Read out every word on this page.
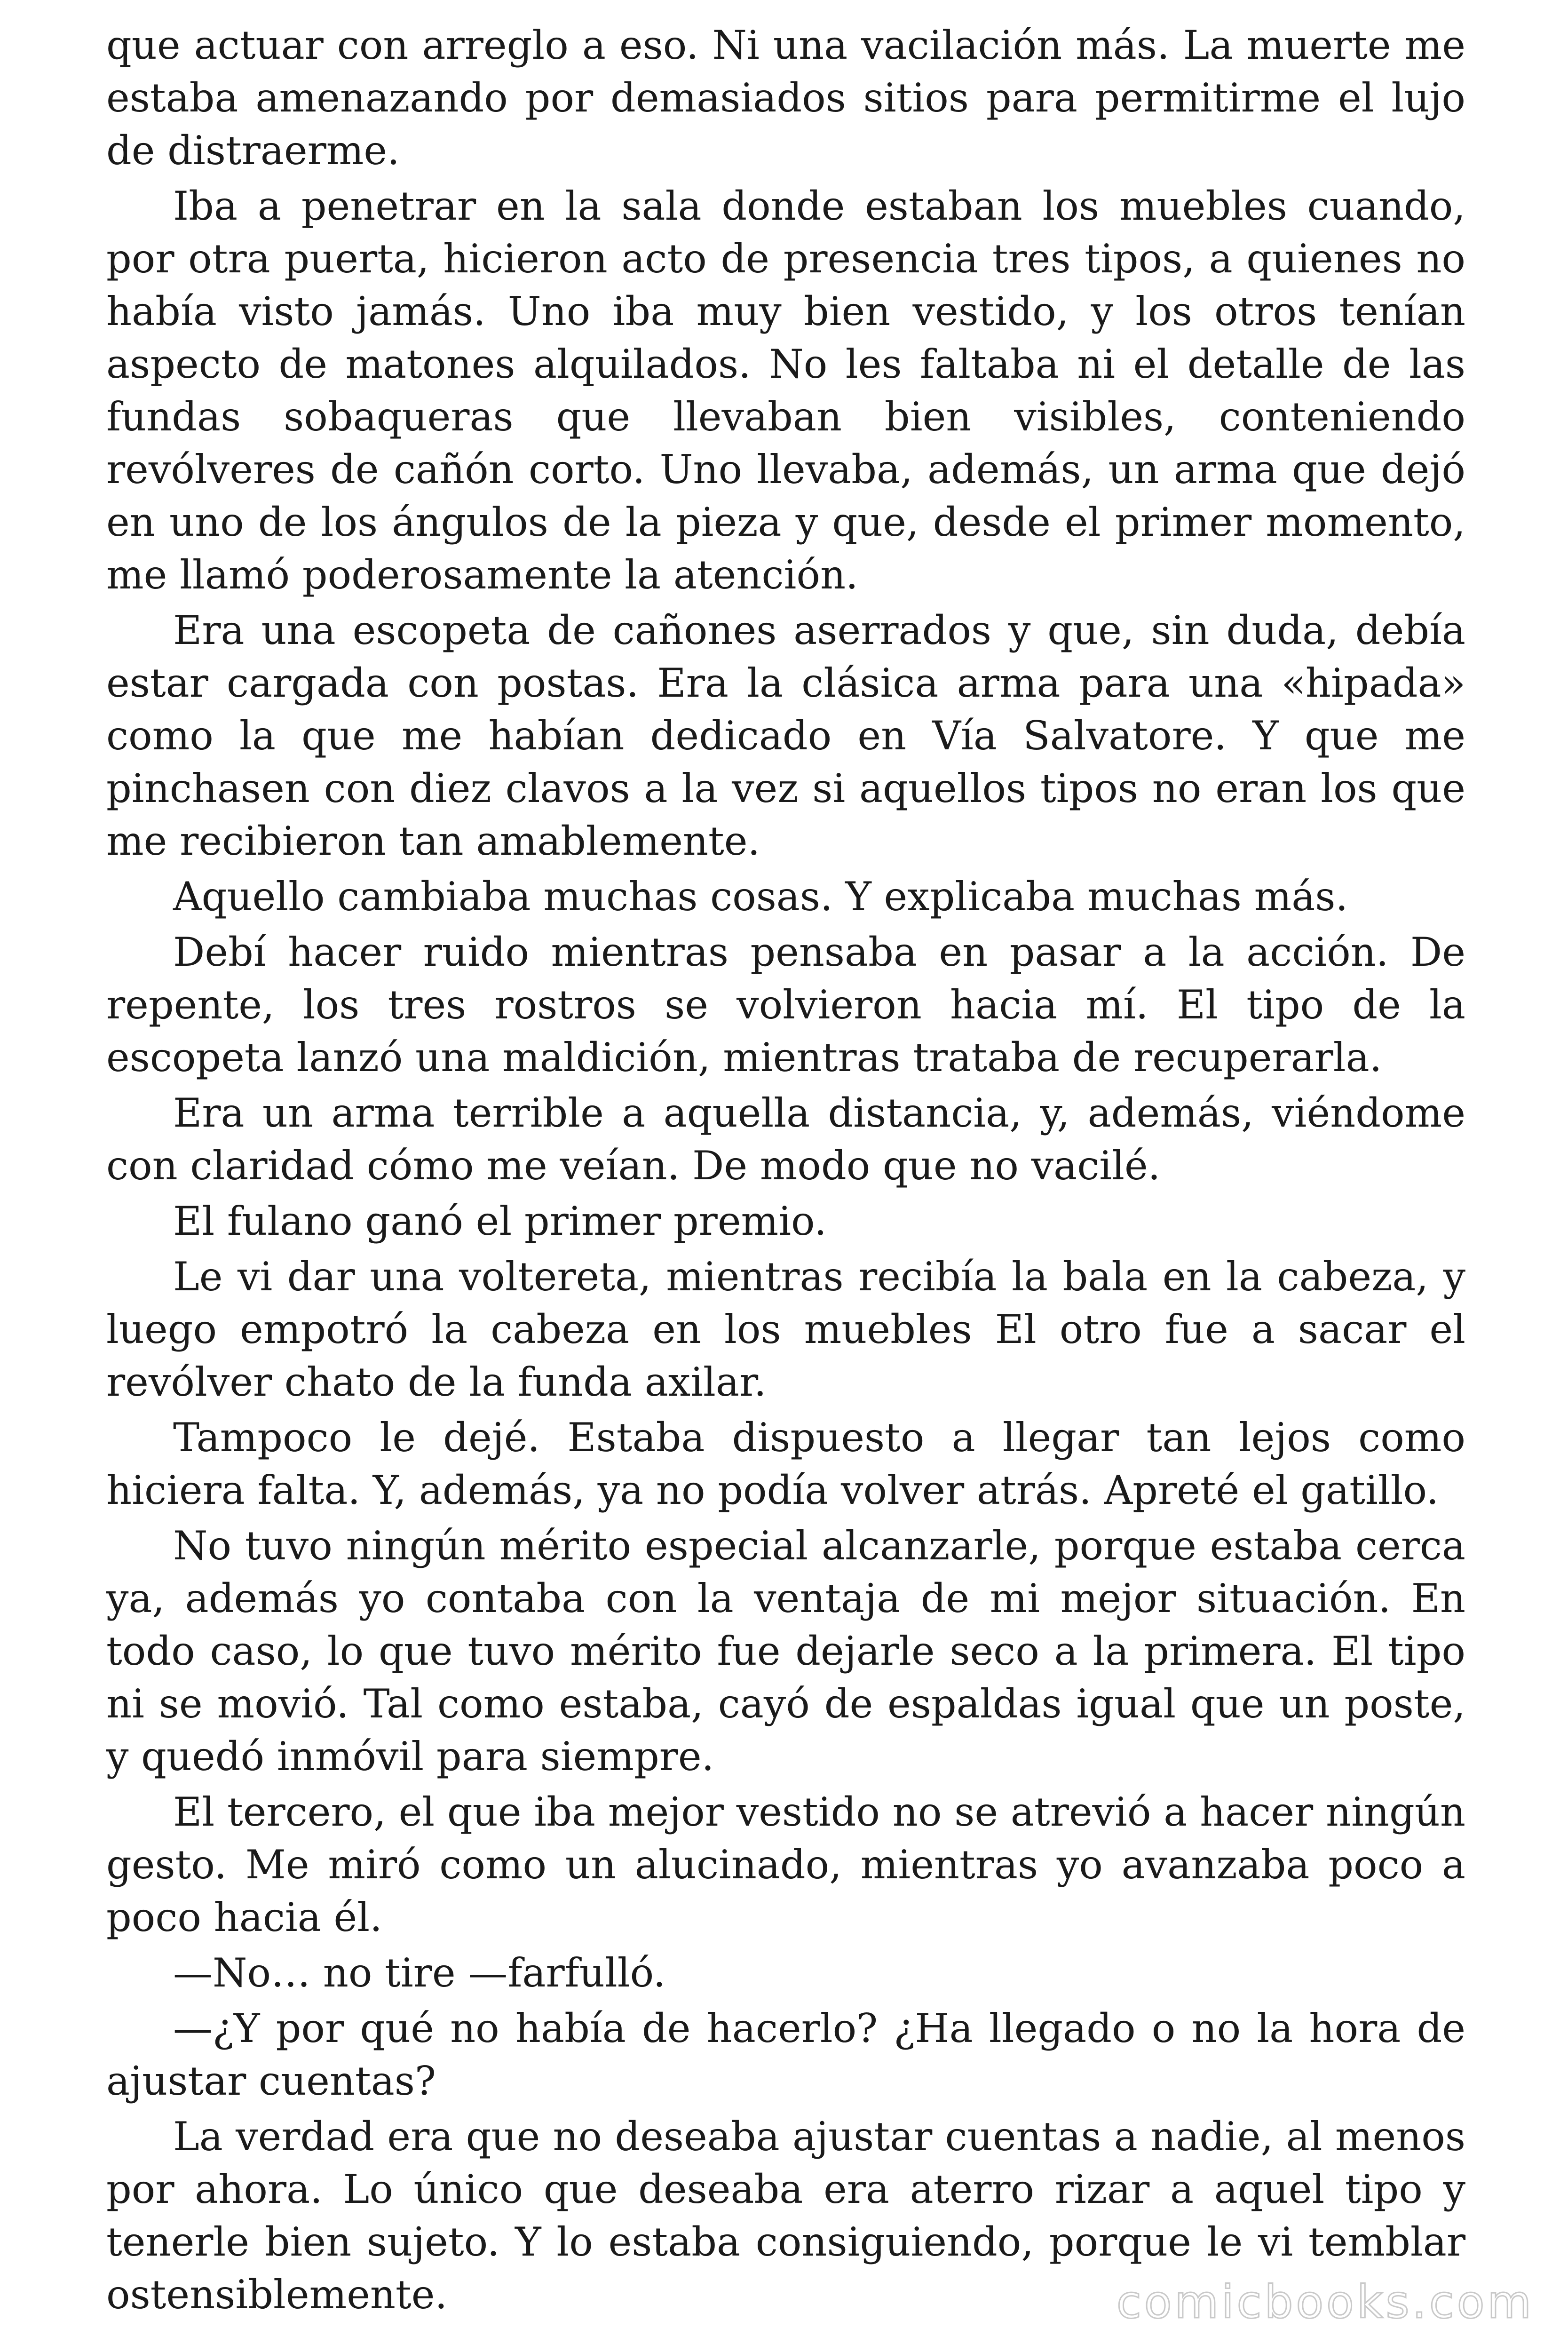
que actuar con arreglo a eso. Ni una vacilación más. La muerte me estaba amenazando por demasiados sitios para permitirme el lujo de distraerme.

Iba a penetrar en la sala donde estaban los muebles cuando, por otra puerta, hicieron acto de presencia tres tipos, a quienes no había visto jamás. Uno iba muy bien vestido, y los otros tenían aspecto de matones alquilados. No les faltaba ni el detalle de las fundas sobaqueras que llevaban bien visibles, conteniendo revólveres de cañón corto. Uno llevaba, además, un arma que dejó en uno de los ángulos de la pieza y que, desde el primer momento, me llamó poderosamente la atención.

Era una escopeta de cañones aserrados y que, sin duda, debía estar cargada con postas. Era la clásica arma para una «hipada» como la que me habían dedicado en Vía Salvatore. Y que me pinchasen con diez clavos a la vez si aquellos tipos no eran los que me recibieron tan amablemente.

Aquello cambiaba muchas cosas. Y explicaba muchas más.

Debí hacer ruido mientras pensaba en pasar a la acción. De repente, los tres rostros se volvieron hacia mí. El tipo de la escopeta lanzó una maldición, mientras trataba de recuperarla.

Era un arma terrible a aquella distancia, y, además, viéndome con claridad cómo me veían. De modo que no vacilé.

El fulano ganó el primer premio.

Le vi dar una voltereta, mientras recibía la bala en la cabeza, y luego empotró la cabeza en los muebles El otro fue a sacar el revólver chato de la funda axilar.

Tampoco le dejé. Estaba dispuesto a llegar tan lejos como hiciera falta. Y, además, ya no podía volver atrás. Apreté el gatillo.

No tuvo ningún mérito especial alcanzarle, porque estaba cerca ya, además yo contaba con la ventaja de mi mejor situación. En todo caso, lo que tuvo mérito fue dejarle seco a la primera. El tipo ni se movió. Tal como estaba, cayó de espaldas igual que un poste, y quedó inmóvil para siempre.

El tercero, el que iba mejor vestido no se atrevió a hacer ningún gesto. Me miró como un alucinado, mientras yo avanzaba poco a poco hacia él.

—No… no tire —farfulló.

—¿Y por qué no había de hacerlo? ¿Ha llegado o no la hora de ajustar cuentas?

La verdad era que no deseaba ajustar cuentas a nadie, al menos por ahora. Lo único que deseaba era aterro rizar a aquel tipo y tenerle bien sujeto. Y lo estaba consiguiendo, porque le vi temblar ostensiblemente.	comicbooks.com
